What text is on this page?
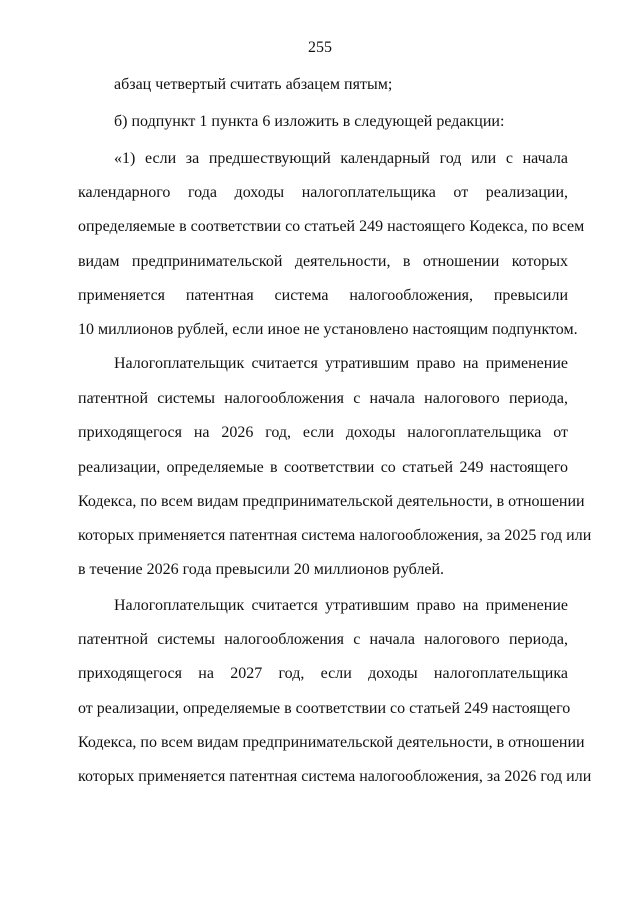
255
абзац четвертый считать абзацем пятым;
б) подпункт 1 пункта 6 изложить в следующей редакции:
«1) если за предшествующий календарный год или с начала
календарного года доходы налогоплательщика от реализации,
определяемые в соответствии со статьей 249 настоящего Кодекса, по всем
видам предпринимательской деятельности, в отношении которых
применяется патентная система налогообложения, превысили
10 миллионов рублей, если иное не установлено настоящим подпунктом.
Налогоплательщик считается утратившим право на применение
патентной системы налогообложения с начала налогового периода,
приходящегося на 2026 год, если доходы налогоплательщика от
реализации, определяемые в соответствии со статьей 249 настоящего
Кодекса, по всем видам предпринимательской деятельности, в отношении
которых применяется патентная система налогообложения, за 2025 год или
в течение 2026 года превысили 20 миллионов рублей.
Налогоплательщик считается утратившим право на применение
патентной системы налогообложения с начала налогового периода,
приходящегося на 2027 год, если доходы налогоплательщика
от реализации, определяемые в соответствии со статьей 249 настоящего
Кодекса, по всем видам предпринимательской деятельности, в отношении
которых применяется патентная система налогообложения, за 2026 год или
